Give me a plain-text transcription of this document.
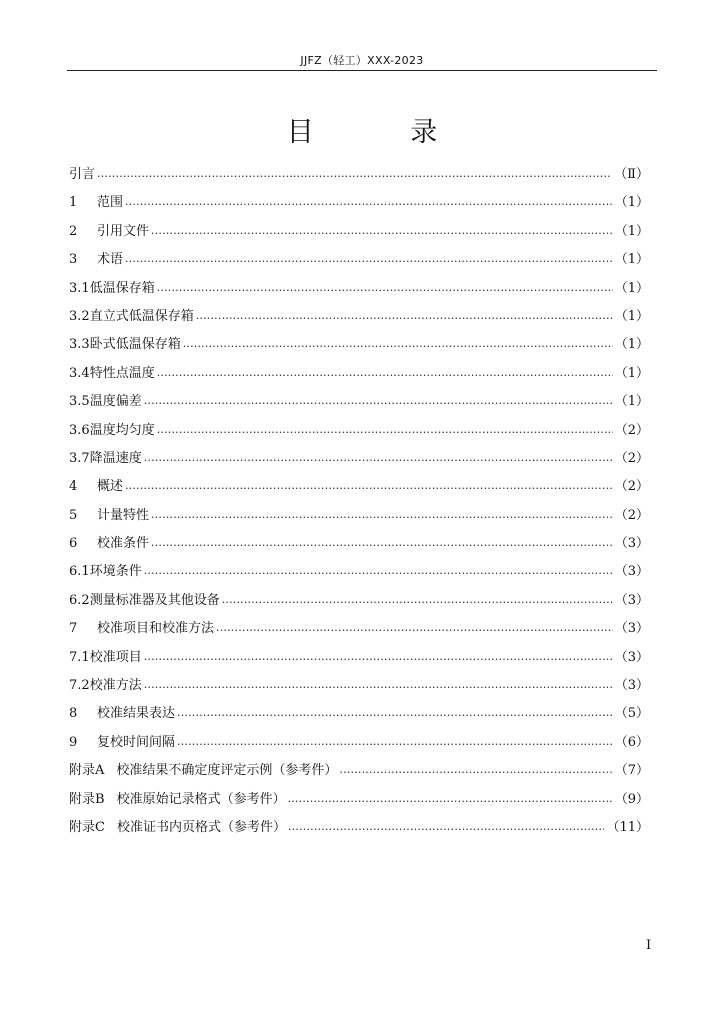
JJFZ（轻工）XXX-2023
目 录
引言 ·····	（Ⅱ）
1	范围 ·····	（1）
2	引用文件 ·····	（1）
3	术语 ·····	（1）
3.1 低温保存箱 ·····	（1）
3.2 直立式低温保存箱 ·····	（1）
3.3 卧式低温保存箱 ·····	（1）
3.4 特性点温度 ·····	（1）
3.5 温度偏差 ·····	（1）
3.6 温度均匀度 ·····	（2）
3.7 降温速度 ·····	（2）
4	概述 ·····	（2）
5	计量特性 ·····	（2）
6	校准条件 ·····	（3）
6.1 环境条件 ·····	（3）
6.2 测量标准器及其他设备 ·····	（3）
7	校准项目和校准方法 ·····	（3）
7.1 校准项目 ·····	（3）
7.2 校准方法 ·····	（3）
8	校准结果表达 ·····	（5）
9	复校时间间隔 ·····	（6）
附录A 校准结果不确定度评定示例（参考件） ·····	（7）
附录B 校准原始记录格式（参考件） ·····	（9）
附录C 校准证书内页格式（参考件） ·····	（11）
I
